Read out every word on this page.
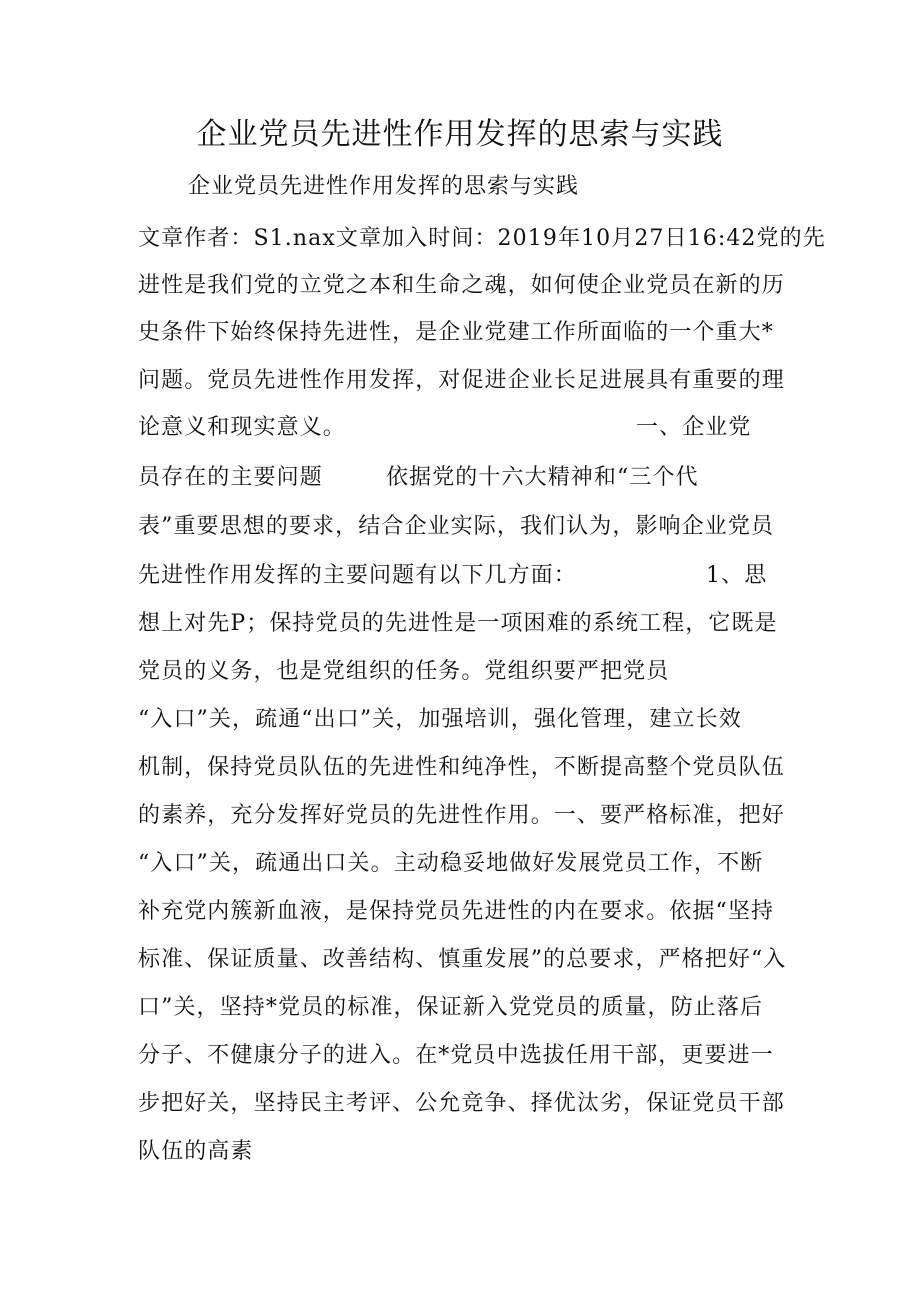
企业党员先进性作用发挥的思索与实践
企业党员先进性作用发挥的思索与实践
文章作者：S1.nax文章加入时间：2019年10月27日16:42党的先
进性是我们党的立党之本和生命之魂，如何使企业党员在新的历
史条件下始终保持先进性，是企业党建工作所面临的一个重大*
问题。党员先进性作用发挥，对促进企业长足进展具有重要的理
论意义和现实意义。	一、企业党
员存在的主要问题	依据党的十六大精神和“三个代
表”重要思想的要求，结合企业实际，我们认为，影响企业党员
先进性作用发挥的主要问题有以下几方面：	1、思
想上对先P；保持党员的先进性是一项困难的系统工程，它既是
党员的义务，也是党组织的任务。党组织要严把党员
“入口”关，疏通“出口”关，加强培训，强化管理，建立长效
机制，保持党员队伍的先进性和纯净性，不断提高整个党员队伍
的素养，充分发挥好党员的先进性作用。一、要严格标准，把好
“入口”关，疏通出口关。主动稳妥地做好发展党员工作，不断
补充党内簇新血液，是保持党员先进性的内在要求。依据“坚持
标准、保证质量、改善结构、慎重发展”的总要求，严格把好“入
口”关，坚持*党员的标准，保证新入党党员的质量，防止落后
分子、不健康分子的进入。在*党员中选拔任用干部，更要进一
步把好关，坚持民主考评、公允竞争、择优汰劣，保证党员干部
队伍的高素
